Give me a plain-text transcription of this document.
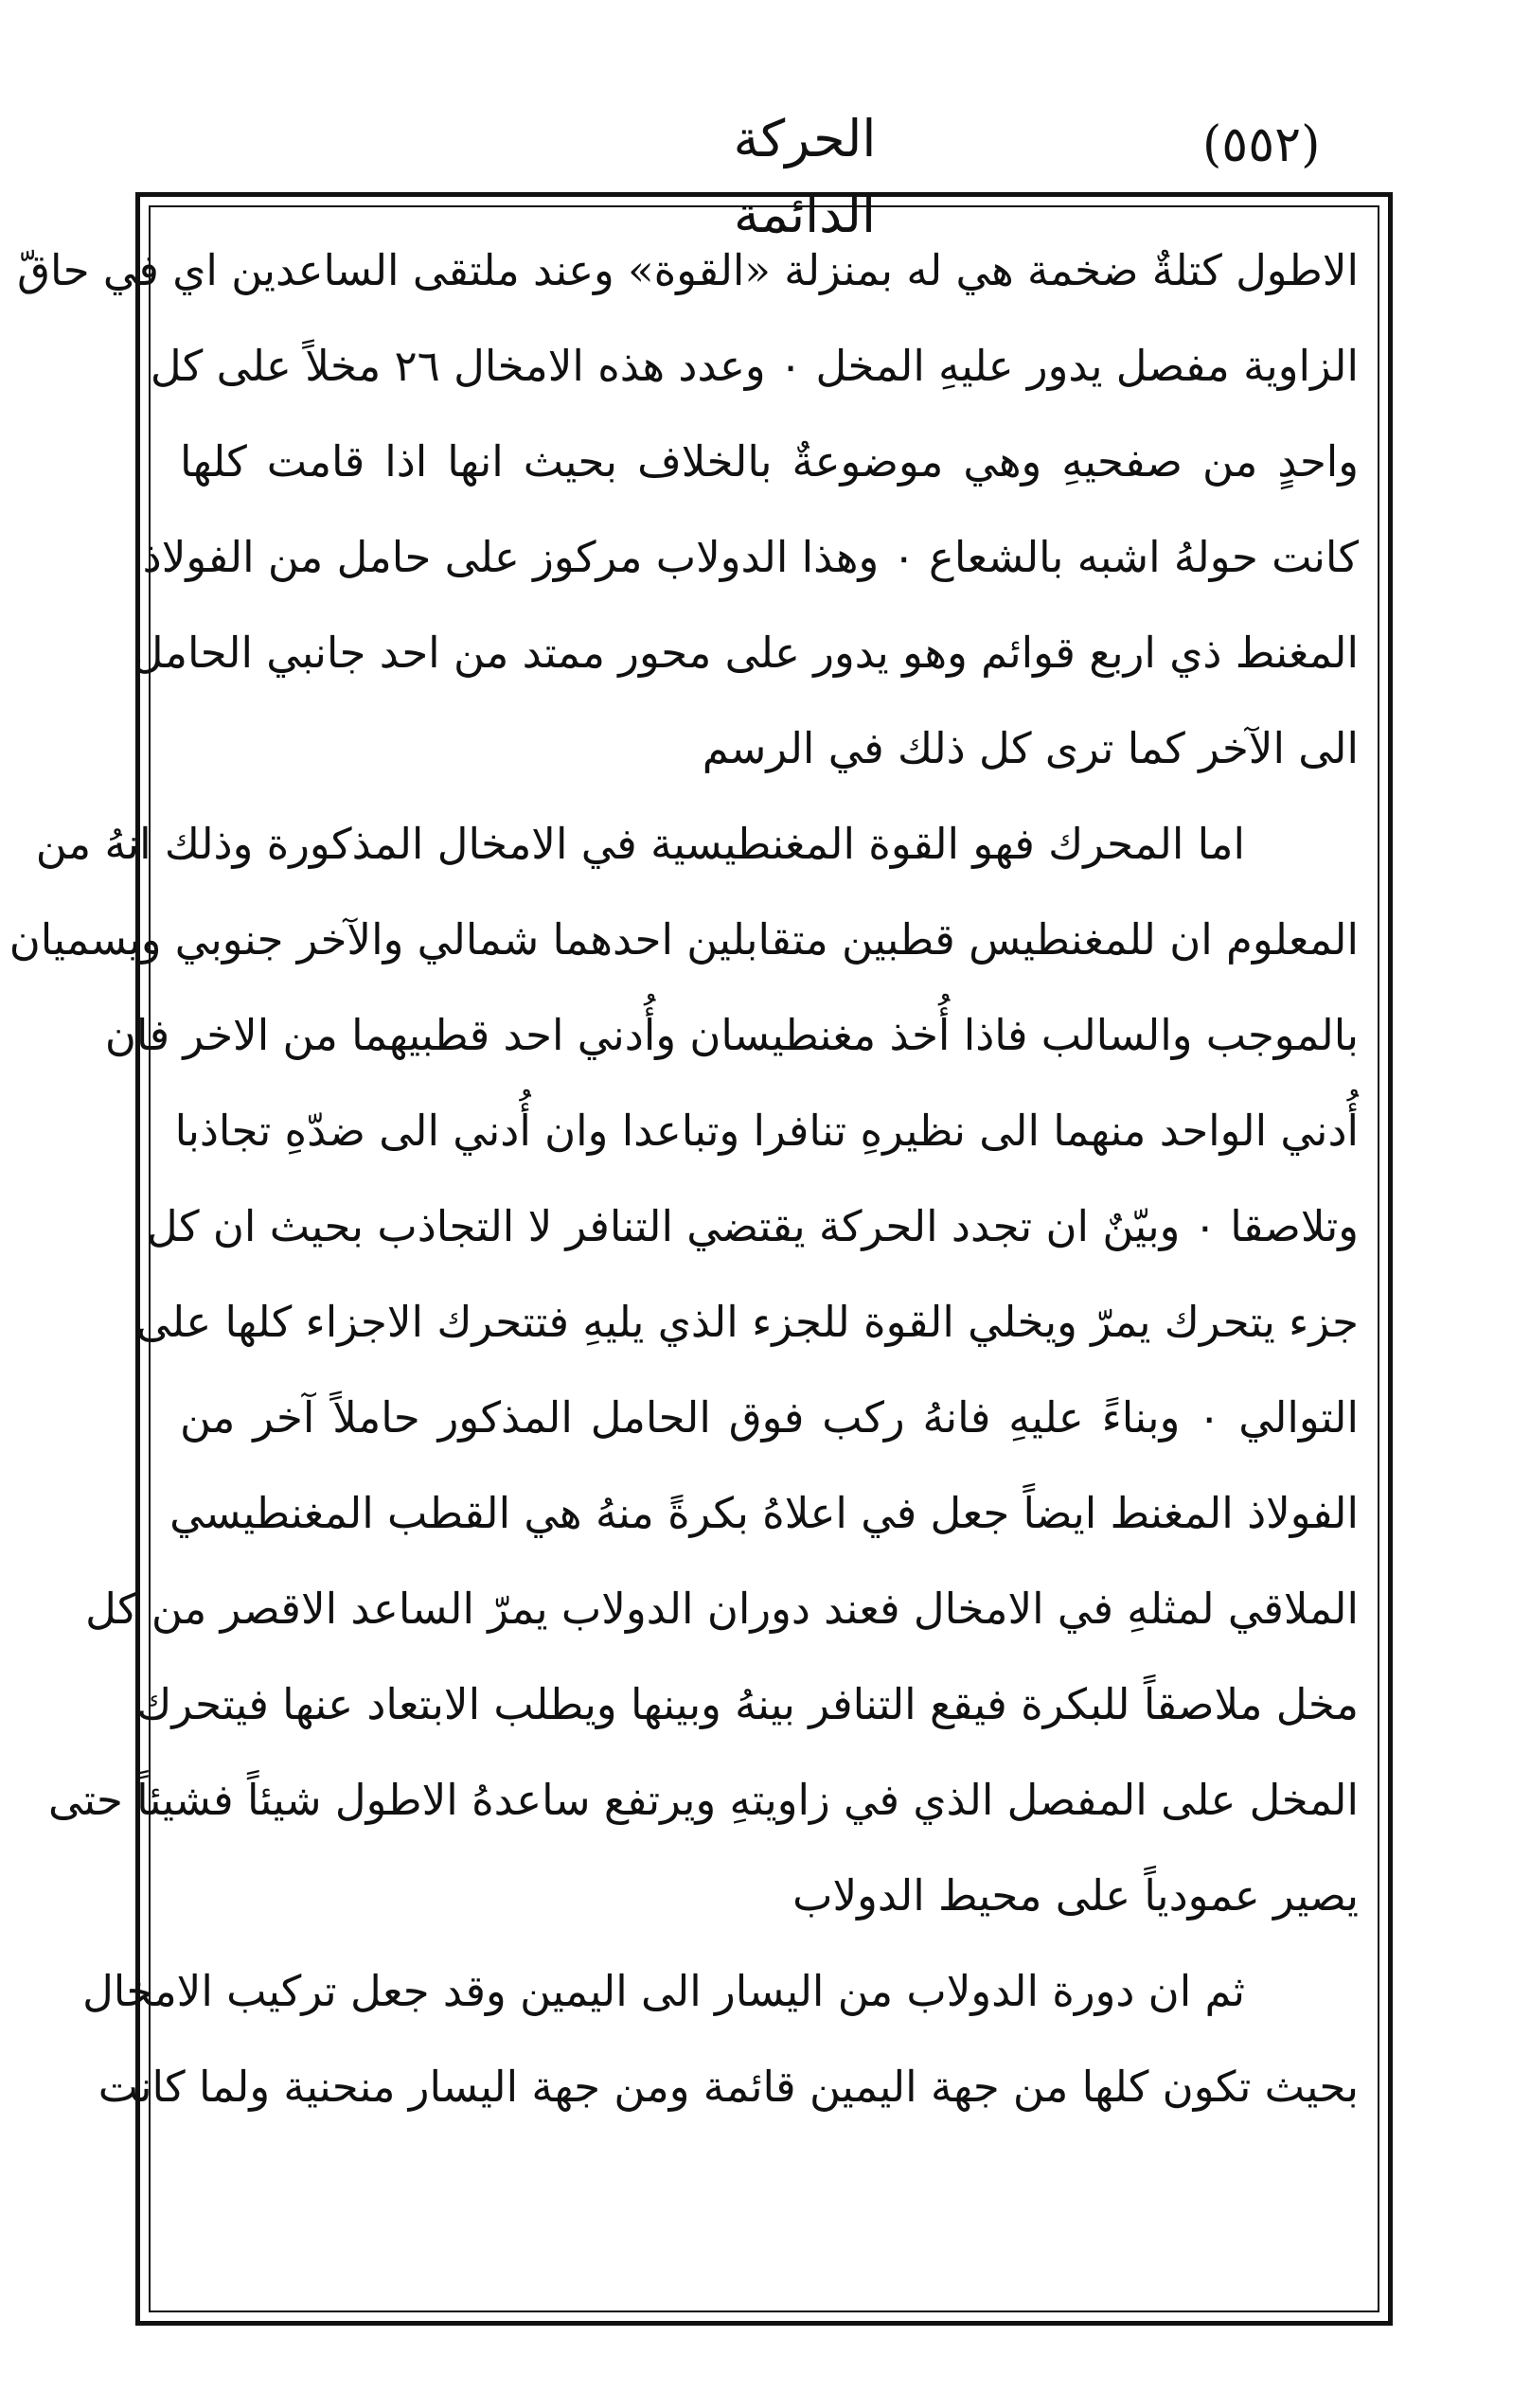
الحركة الدائمة
(٥٥٢)
الاطول كتلةٌ ضخمة هي له بمنزلة «القوة» وعند ملتقى الساعدين اي في حاقّ
الزاوية مفصل يدور عليهِ المخل ٠ وعدد هذه الامخال ٢٦ مخلاً على كل
واحدٍ من صفحيهِ وهي موضوعةٌ بالخلاف بحيث انها اذا قامت كلها
كانت حولهُ اشبه بالشعاع ٠ وهذا الدولاب مركوز على حامل من الفولاذ
المغنط ذي اربع قوائم وهو يدور على محور ممتد من احد جانبي الحامل
الى الآخر كما ترى كل ذلك في الرسم
اما المحرك فهو القوة المغنطيسية في الامخال المذكورة وذلك انهُ من
المعلوم ان للمغنطيس قطبين متقابلين احدهما شمالي والآخر جنوبي ويسميان
بالموجب والسالب فاذا أُخذ مغنطيسان وأُدني احد قطبيهما من الاخر فان
أُدني الواحد منهما الى نظيرهِ تنافرا وتباعدا وان أُدني الى ضدّهِ تجاذبا
وتلاصقا ٠ وبيّنٌ ان تجدد الحركة يقتضي التنافر لا التجاذب بحيث ان كل
جزء يتحرك يمرّ ويخلي القوة للجزء الذي يليهِ فتتحرك الاجزاء كلها على
التوالي ٠ وبناءً عليهِ فانهُ ركب فوق الحامل المذكور حاملاً آخر من
الفولاذ المغنط ايضاً جعل في اعلاهُ بكرةً منهُ هي القطب المغنطيسي
الملاقي لمثلهِ في الامخال فعند دوران الدولاب يمرّ الساعد الاقصر من كل
مخل ملاصقاً للبكرة فيقع التنافر بينهُ وبينها ويطلب الابتعاد عنها فيتحرك
المخل على المفصل الذي في زاويتهِ ويرتفع ساعدهُ الاطول شيئاً فشيئاً حتى
يصير عمودياً على محيط الدولاب
ثم ان دورة الدولاب من اليسار الى اليمين وقد جعل تركيب الامخال
بحيث تكون كلها من جهة اليمين قائمة ومن جهة اليسار منحنية ولما كانت
